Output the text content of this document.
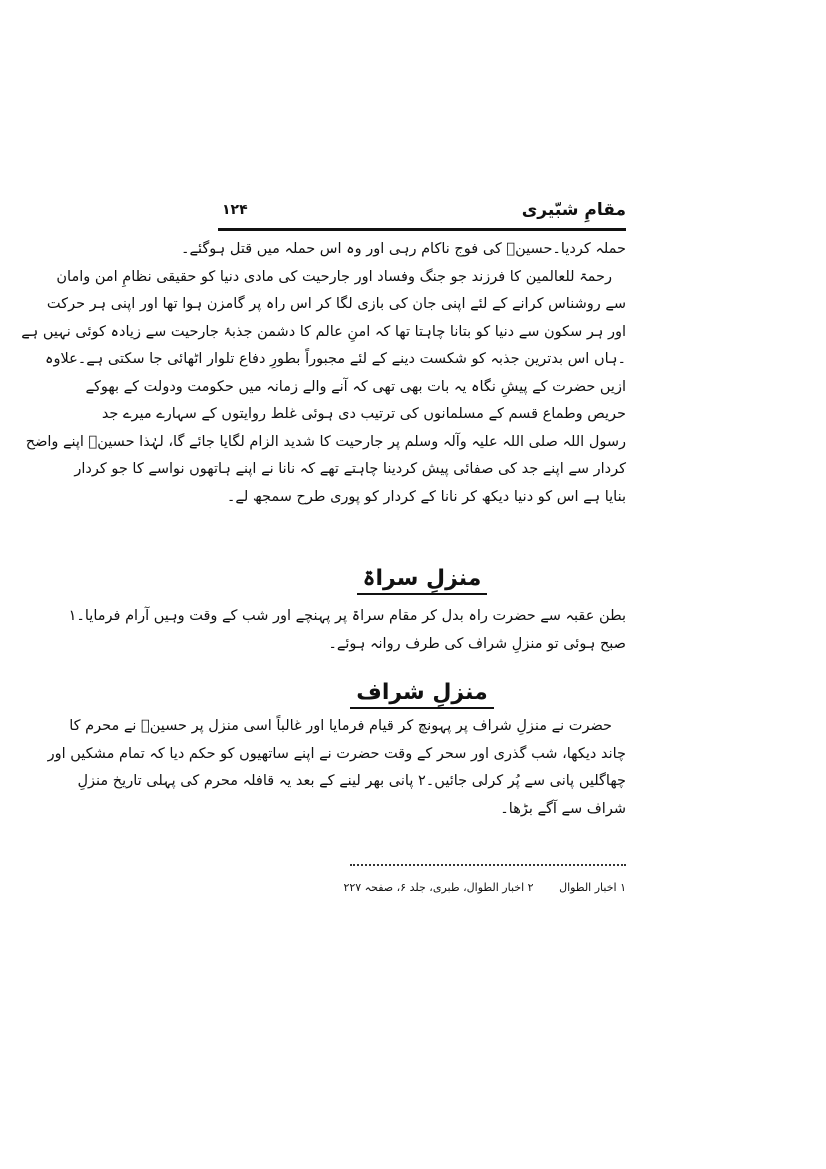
مقامِ شبّیری
۱۲۴
حملہ کردیا۔حسینؑ کی فوج ناکام رہی اور وہ اس حملہ میں قتل ہوگئے۔
رحمۃ للعالمین کا فرزند جو جنگ وفساد اور جارحیت کی مادی دنیا کو حقیقی نظامِ امن وامان
سے روشناس کرانے کے لئے اپنی جان کی بازی لگا کر اس راہ پر گامزن ہوا تھا اور اپنی ہر حرکت
اور ہر سکون سے دنیا کو بتانا چاہتا تھا کہ امنِ عالم کا دشمن جذبۂ جارحیت سے زیادہ کوئی نہیں ہے
۔ہاں اس بدترین جذبہ کو شکست دینے کے لئے مجبوراً بطورِ دفاع تلوار اٹھائی جا سکتی ہے۔علاوہ
ازیں حضرت کے پیشِ نگاہ یہ بات بھی تھی کہ آنے والے زمانہ میں حکومت ودولت کے بھوکے
حریص وطماع قسم کے مسلمانوں کی ترتیب دی ہوئی غلط روایتوں کے سہارے میرے جد
رسول اللہ صلی اللہ علیہ وآلہ وسلم پر جارحیت کا شدید الزام لگایا جائے گا، لہٰذا حسینؑ اپنے واضح
کردار سے اپنے جد کی صفائی پیش کردینا چاہتے تھے کہ نانا نے اپنے ہاتھوں نواسے کا جو کردار
بنایا ہے اس کو دنیا دیکھ کر نانا کے کردار کو پوری طرح سمجھ لے۔
منزلِ سراۃ
بطن عقبہ سے حضرت راہ بدل کر مقام سراۃ پر پہنچے اور شب کے وقت وہیں آرام فرمایا۔۱
صبح ہوئی تو منزلِ شراف کی طرف روانہ ہوئے۔
منزلِ شراف
حضرت نے منزلِ شراف پر پہونچ کر قیام فرمایا اور غالباً اسی منزل پر حسینؑ نے محرم کا
چاند دیکھا، شب گذری اور سحر کے وقت حضرت نے اپنے ساتھیوں کو حکم دیا کہ تمام مشکیں اور
چھاگلیں پانی سے پُر کرلی جائیں۔۲ پانی بھر لینے کے بعد یہ قافلہ محرم کی پہلی تاریخ منزلِ
شراف سے آگے بڑھا۔
۱ اخبار الطوال ۲ اخبار الطوال، طبری، جلد ۶، صفحہ ۲۲۷
